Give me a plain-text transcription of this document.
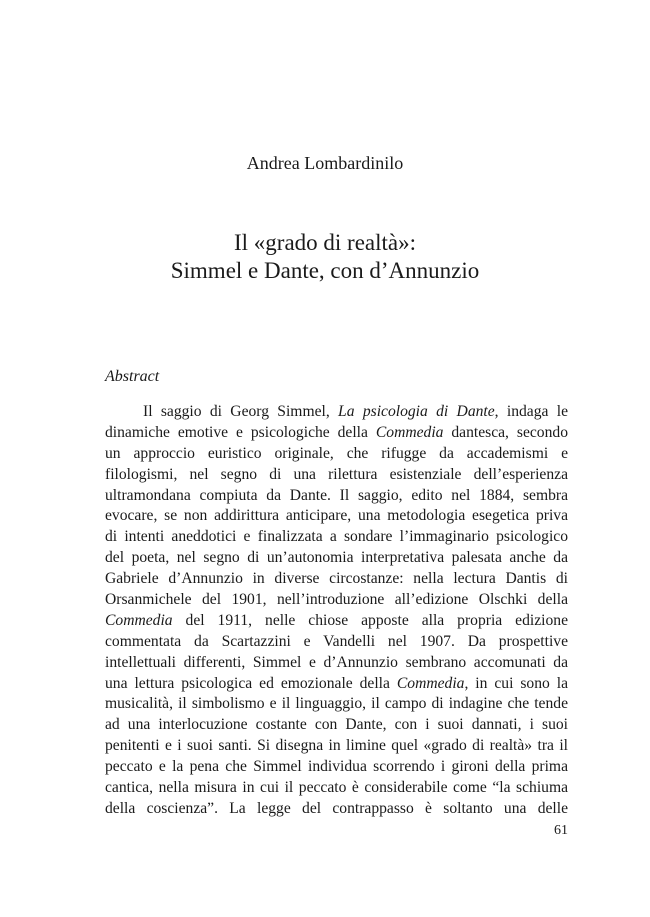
Andrea Lombardinilo
Il «grado di realtà»:
Simmel e Dante, con d’Annunzio
Abstract
Il saggio di Georg Simmel, La psicologia di Dante, indaga le
dinamiche emotive e psicologiche della Commedia dantesca, secondo
un approccio euristico originale, che rifugge da accademismi e
filologismi, nel segno di una rilettura esistenziale dell’esperienza
ultramondana compiuta da Dante. Il saggio, edito nel 1884, sembra
evocare, se non addirittura anticipare, una metodologia esegetica priva
di intenti aneddotici e finalizzata a sondare l’immaginario psicologico
del poeta, nel segno di un’autonomia interpretativa palesata anche da
Gabriele d’Annunzio in diverse circostanze: nella lectura Dantis di
Orsanmichele del 1901, nell’introduzione all’edizione Olschki della
Commedia del 1911, nelle chiose apposte alla propria edizione
commentata da Scartazzini e Vandelli nel 1907. Da prospettive
intellettuali differenti, Simmel e d’Annunzio sembrano accomunati da
una lettura psicologica ed emozionale della Commedia, in cui sono la
musicalità, il simbolismo e il linguaggio, il campo di indagine che tende
ad una interlocuzione costante con Dante, con i suoi dannati, i suoi
penitenti e i suoi santi. Si disegna in limine quel «grado di realtà» tra il
peccato e la pena che Simmel individua scorrendo i gironi della prima
cantica, nella misura in cui il peccato è considerabile come “la schiuma
della coscienza”. La legge del contrappasso è soltanto una delle
61
